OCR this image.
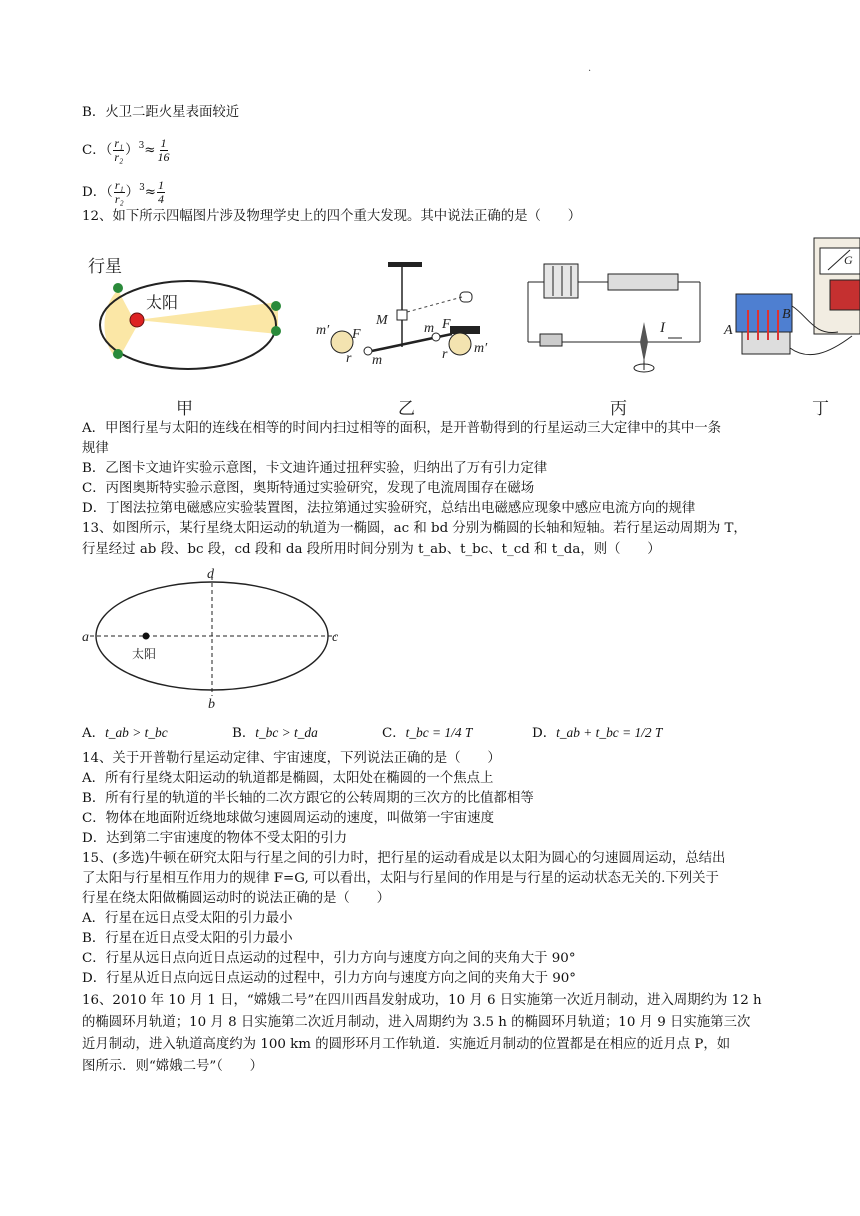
·
B．火卫二距火星表面较近
C．（ $\frac{\text{r₁}}{\text{r₂}} )^3\approx \frac{1}{16}$
D．（ $\frac{\text{r₁}}{\text{r₂}} )^3\approx \frac{1}{4}$
12、如下所示四幅图片涉及物理学史上的四个重大发现。其中说法正确的是（　　）
行星
太阳
甲
M
F
m′
m
r
F
m
m′
r
乙
I
丙
G
A
B
丁
A．甲图行星与太阳的连线在相等的时间内扫过相等的面积，是开普勒得到的行星运动三大定律中的其中一条
规律
B．乙图卡文迪许实验示意图，卡文迪许通过扭秤实验，归纳出了万有引力定律
C．丙图奥斯特实验示意图，奥斯特通过实验研究，发现了电流周围存在磁场
D．丁图法拉第电磁感应实验装置图，法拉第通过实验研究，总结出电磁感应现象中感应电流方向的规律
13、如图所示，某行星绕太阳运动的轨道为一椭圆，ac 和 bd 分别为椭圆的长轴和短轴。若行星运动周期为 T，
行星经过 ab 段、bc 段，cd 段和 da 段所用时间分别为 t_ab、t_bc、t_cd 和 t_da，则（　　）
a
b
c
d
太阳
A．t_ab > t_bc	B．t_bc > t_da	C．t_bc = 1/4 T	D．t_ab + t_bc = 1/2 T
14、关于开普勒行星运动定律、宇宙速度，下列说法正确的是（　　）
A．所有行星绕太阳运动的轨道都是椭圆，太阳处在椭圆的一个焦点上
B．所有行星的轨道的半长轴的二次方跟它的公转周期的三次方的比值都相等
C．物体在地面附近绕地球做匀速圆周运动的速度，叫做第一宇宙速度
D．达到第二宇宙速度的物体不受太阳的引力
15、(多选)牛顿在研究太阳与行星之间的引力时，把行星的运动看成是以太阳为圆心的匀速圆周运动，总结出
了太阳与行星相互作用力的规律 F=G, 可以看出，太阳与行星间的作用是与行星的运动状态无关的.下列关于
行星在绕太阳做椭圆运动时的说法正确的是（　　）
A．行星在远日点受太阳的引力最小
B．行星在近日点受太阳的引力最小
C．行星从远日点向近日点运动的过程中，引力方向与速度方向之间的夹角大于 90°
D．行星从近日点向远日点运动的过程中，引力方向与速度方向之间的夹角大于 90°
16、2010 年 10 月 1 日，“嫦娥二号”在四川西昌发射成功，10 月 6 日实施第一次近月制动，进入周期约为 12 h
的椭圆环月轨道；10 月 8 日实施第二次近月制动，进入周期约为 3.5 h 的椭圆环月轨道；10 月 9 日实施第三次
近月制动，进入轨道高度约为 100 km 的圆形环月工作轨道．实施近月制动的位置都是在相应的近月点 P，如
图所示．则“嫦娥二号”（　　）
